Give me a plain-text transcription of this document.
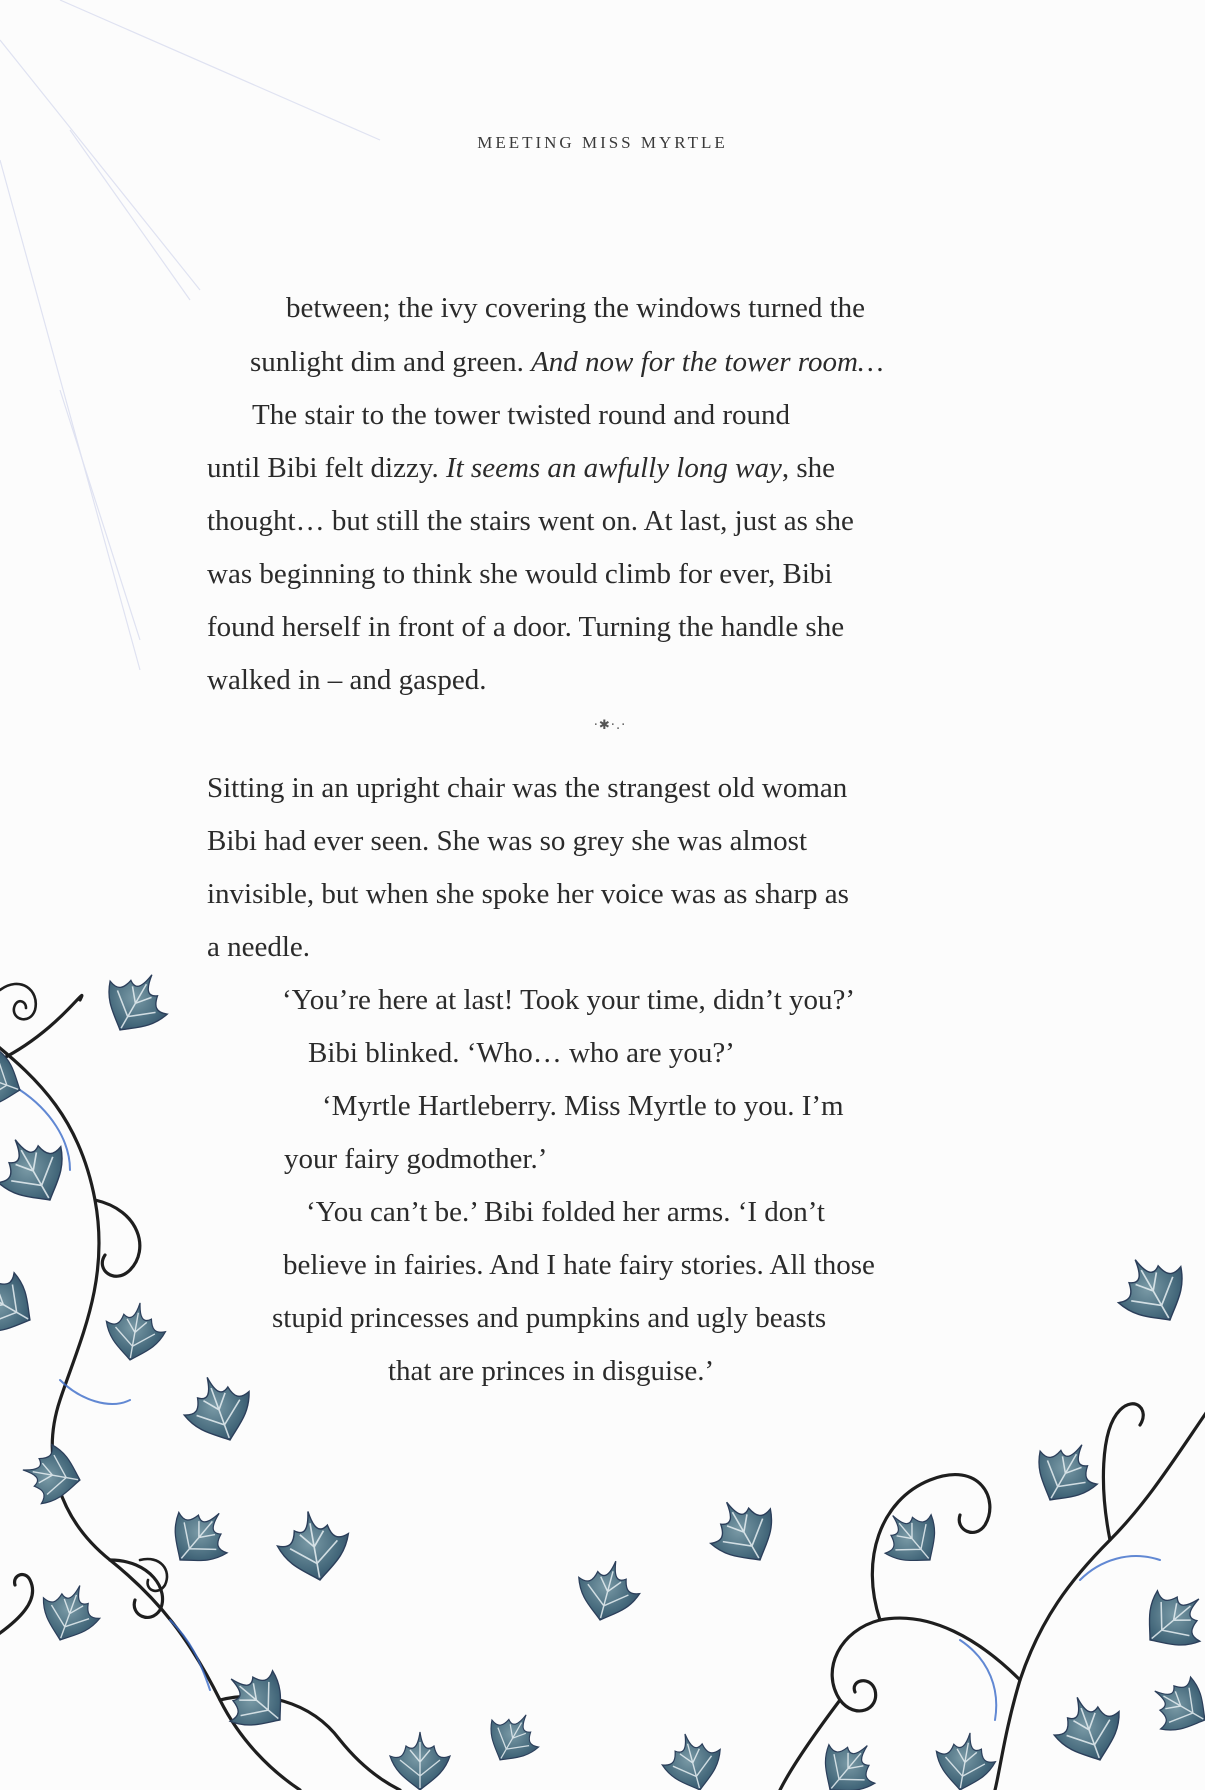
MEETING MISS MYRTLE
between; the ivy covering the windows turned the
sunlight dim and green. And now for the tower room…
The stair to the tower twisted round and round
until Bibi felt dizzy. It seems an awfully long way, she
thought… but still the stairs went on. At last, just as she
was beginning to think she would climb for ever, Bibi
found herself in front of a door. Turning the handle she
walked in – and gasped.
Sitting in an upright chair was the strangest old woman
Bibi had ever seen. She was so grey she was almost
invisible, but when she spoke her voice was as sharp as
a needle.
‘You’re here at last! Took your time, didn’t you?’
Bibi blinked. ‘Who… who are you?’
‘Myrtle Hartleberry. Miss Myrtle to you. I’m
your fairy godmother.’
‘You can’t be.’ Bibi folded her arms. ‘I don’t
believe in fairies. And I hate fairy stories. All those
stupid princesses and pumpkins and ugly beasts
that are princes in disguise.’
·✱·.·
